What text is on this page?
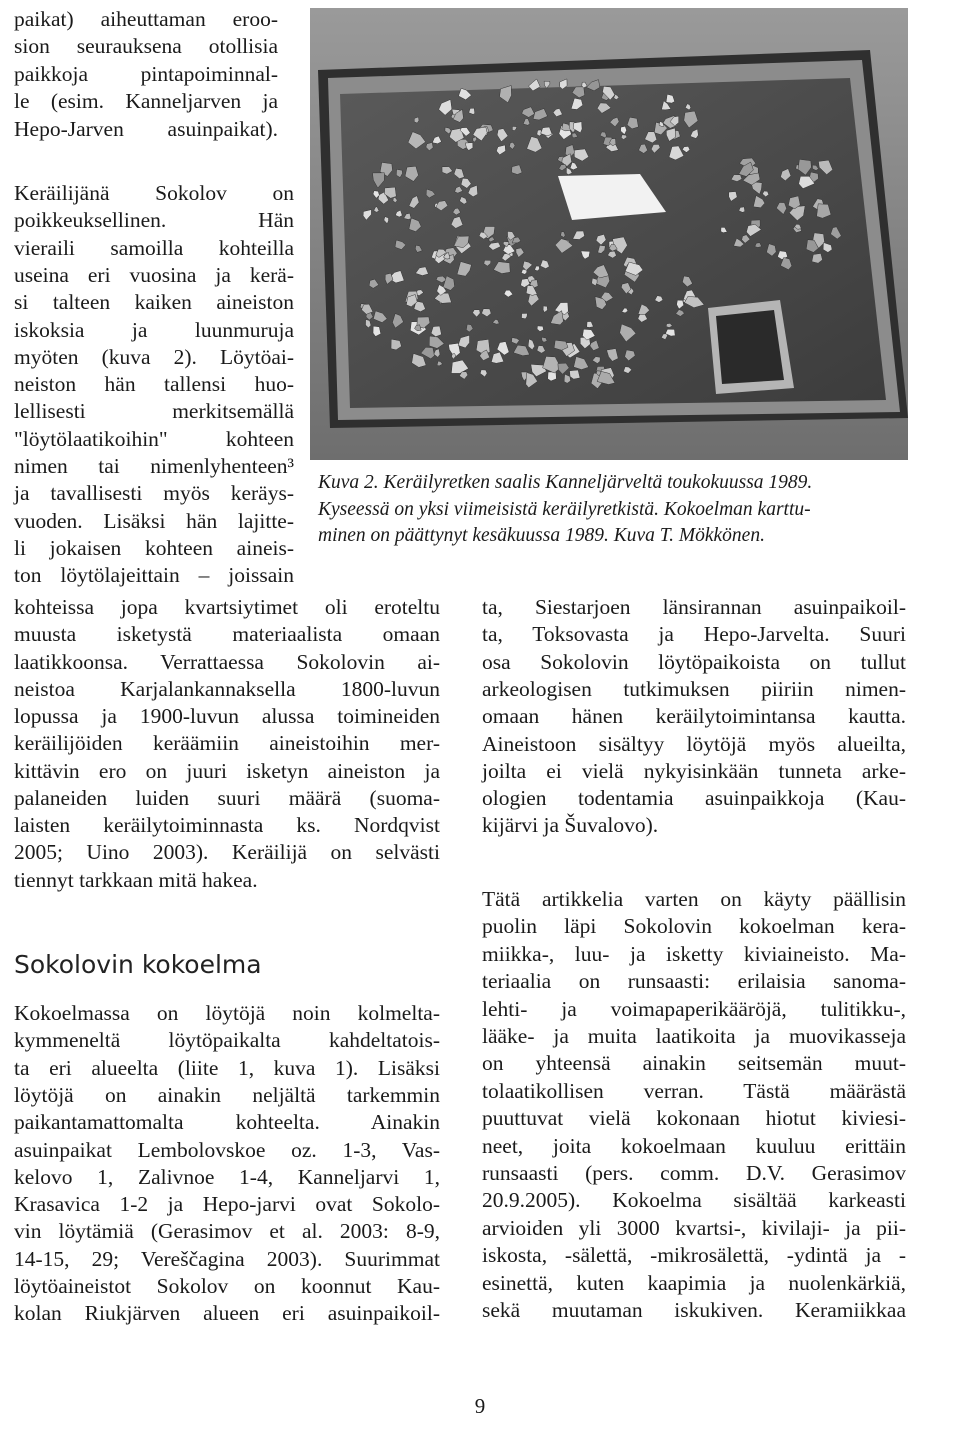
paikat) aiheuttaman eroo-

sion seurauksena otollisia

paikkoja pintapoiminnal-

le (esim. Kanneljarven ja

Hepo-Jarven asuinpaikat).

Keräilijänä Sokolov on

poikkeuksellinen. Hän

vieraili samoilla kohteilla

useina eri vuosina ja kerä-

si talteen kaiken aineiston

iskoksia ja luunmuruja

myöten (kuva 2). Löytöai-

neiston hän tallensi huo-

lellisesti merkitsemällä

"löytölaatikoihin" kohteen

nimen tai nimenlyhenteen³

ja tavallisesti myös keräys-

vuoden. Lisäksi hän lajitte-

li jokaisen kohteen aineis-

ton löytölajeittain – joissain

Kuva 2. Keräilyretken saalis Kanneljärveltä toukokuussa 1989.

Kyseessä on yksi viimeisistä keräilyretkistä. Kokoelman karttu-

minen on päättynyt kesäkuussa 1989. Kuva T. Mökkönen.

kohteissa jopa kvartsiytimet oli eroteltu

muusta isketystä materiaalista omaan

laatikkoonsa. Verrattaessa Sokolovin ai-

neistoa Karjalankannaksella 1800-luvun

lopussa ja 1900-luvun alussa toimineiden

keräilijöiden keräämiin aineistoihin mer-

kittävin ero on juuri isketyn aineiston ja

palaneiden luiden suuri määrä (suoma-

laisten keräilytoiminnasta ks. Nordqvist

2005; Uino 2003). Keräilijä on selvästi

tiennyt tarkkaan mitä hakea.

Sokolovin kokoelma

Kokoelmassa on löytöjä noin kolmelta-

kymmeneltä löytöpaikalta kahdeltatois-

ta eri alueelta (liite 1, kuva 1). Lisäksi

löytöjä on ainakin neljältä tarkemmin

paikantamattomalta kohteelta. Ainakin

asuinpaikat Lembolovskoe oz. 1-3, Vas-

kelovo 1, Zalivnoe 1-4, Kanneljarvi 1,

Krasavica 1-2 ja Hepo-jarvi ovat Sokolo-

vin löytämiä (Gerasimov et al. 2003: 8-9,

14-15, 29; Vereščagina 2003). Suurimmat

löytöaineistot Sokolov on koonnut Kau-

kolan Riukjärven alueen eri asuinpaikoil-

ta, Siestarjoen länsirannan asuinpaikoil-

ta, Toksovasta ja Hepo-Jarvelta. Suuri

osa Sokolovin löytöpaikoista on tullut

arkeologisen tutkimuksen piiriin nimen-

omaan hänen keräilytoimintansa kautta.

Aineistoon sisältyy löytöjä myös alueilta,

joilta ei vielä nykyisinkään tunneta arke-

ologien todentamia asuinpaikkoja (Kau-

kijärvi ja Šuvalovo).

Tätä artikkelia varten on käyty päällisin

puolin läpi Sokolovin kokoelman kera-

miikka-, luu- ja isketty kiviaineisto. Ma-

teriaalia on runsaasti: erilaisia sanoma-

lehti- ja voimapaperikääröjä, tulitikku-,

lääke- ja muita laatikoita ja muovikasseja

on yhteensä ainakin seitsemän muut-

tolaatikollisen verran. Tästä määrästä

puuttuvat vielä kokonaan hiotut kiviesi-

neet, joita kokoelmaan kuuluu erittäin

runsaasti (pers. comm. D.V. Gerasimov

20.9.2005). Kokoelma sisältää karkeasti

arvioiden yli 3000 kvartsi-, kivilaji- ja pii-

iskosta, -sälettä, -mikrosälettä, -ydintä ja -

esinettä, kuten kaapimia ja nuolenkärkiä,

sekä muutaman iskukiven. Keramiikkaa

9
